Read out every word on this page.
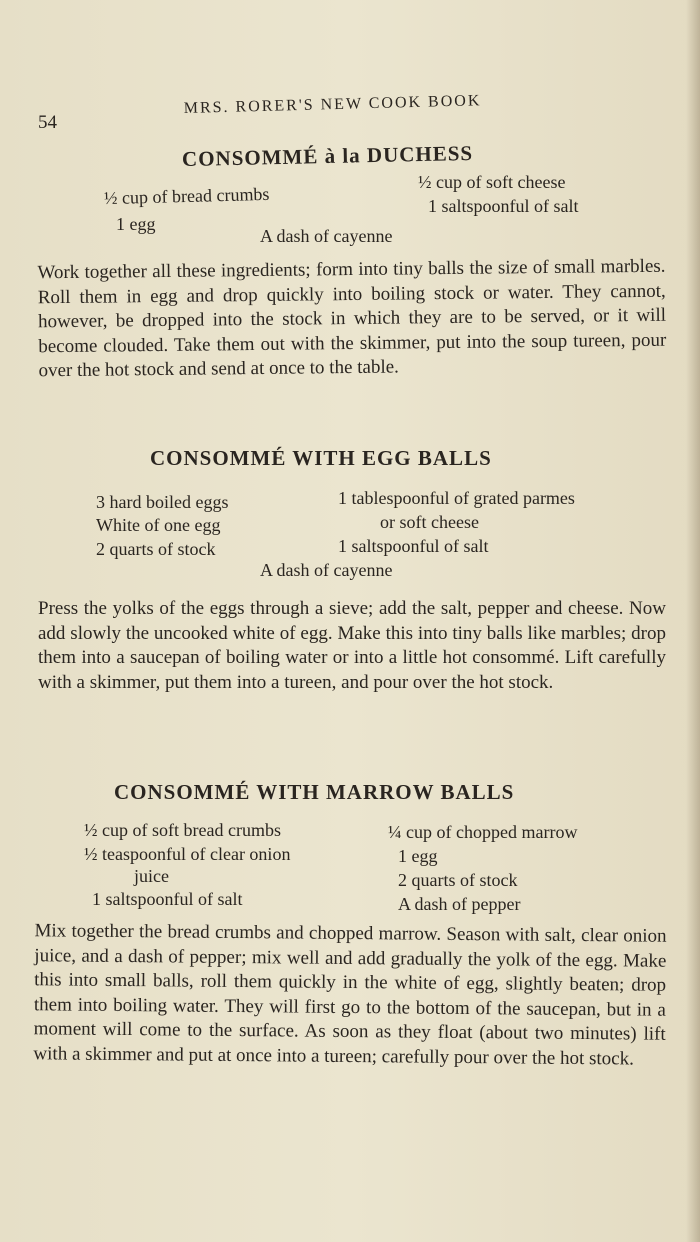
54
MRS. RORER'S NEW COOK BOOK
CONSOMMÉ à la DUCHESS
½ cup of bread crumbs
1 egg
½ cup of soft cheese
1 saltspoonful of salt
A dash of cayenne

Work together all these ingredients; form into tiny balls the size of small marbles. Roll them in egg and drop quickly into boiling stock or water. They cannot, however, be dropped into the stock in which they are to be served, or it will become clouded. Take them out with the skimmer, put into the soup tureen, pour over the hot stock and send at once to the table.

CONSOMMÉ WITH EGG BALLS
3 hard boiled eggs
White of one egg
2 quarts of stock
1 tablespoonful of grated parmes
or soft cheese
1 saltspoonful of salt
A dash of cayenne

Press the yolks of the eggs through a sieve; add the salt, pepper and cheese. Now add slowly the uncooked white of egg. Make this into tiny balls like marbles; drop them into a saucepan of boiling water or into a little hot consommé. Lift carefully with a skimmer, put them into a tureen, and pour over the hot stock.

CONSOMMÉ WITH MARROW BALLS
½ cup of soft bread crumbs
½ teaspoonful of clear onion
juice
1 saltspoonful of salt
¼ cup of chopped marrow
1 egg
2 quarts of stock
A dash of pepper

Mix together the bread crumbs and chopped marrow. Season with salt, clear onion juice, and a dash of pepper; mix well and add gradually the yolk of the egg. Make this into small balls, roll them quickly in the white of egg, slightly beaten; drop them into boiling water. They will first go to the bottom of the saucepan, but in a moment will come to the surface. As soon as they float (about two minutes) lift with a skimmer and put at once into a tureen; carefully pour over the hot stock.
